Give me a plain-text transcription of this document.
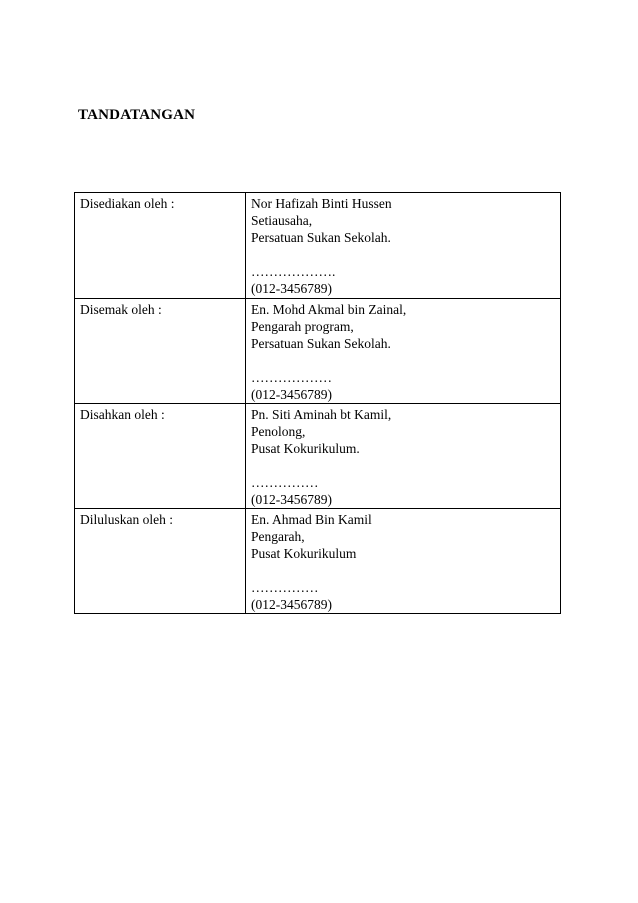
TANDATANGAN
Disediakan oleh :	Nor Hafizah Binti Hussen
Setiausaha,
Persatuan Sukan Sekolah.
……………….
(012-3456789)

Disemak oleh :	En. Mohd Akmal bin Zainal,
Pengarah program,
Persatuan Sukan Sekolah.
………………
(012-3456789)

Disahkan oleh :	Pn. Siti Aminah bt Kamil,
Penolong,
Pusat Kokurikulum.
……………
(012-3456789)

Diluluskan oleh :	En. Ahmad Bin Kamil
Pengarah,
Pusat Kokurikulum
……………
(012-3456789)
